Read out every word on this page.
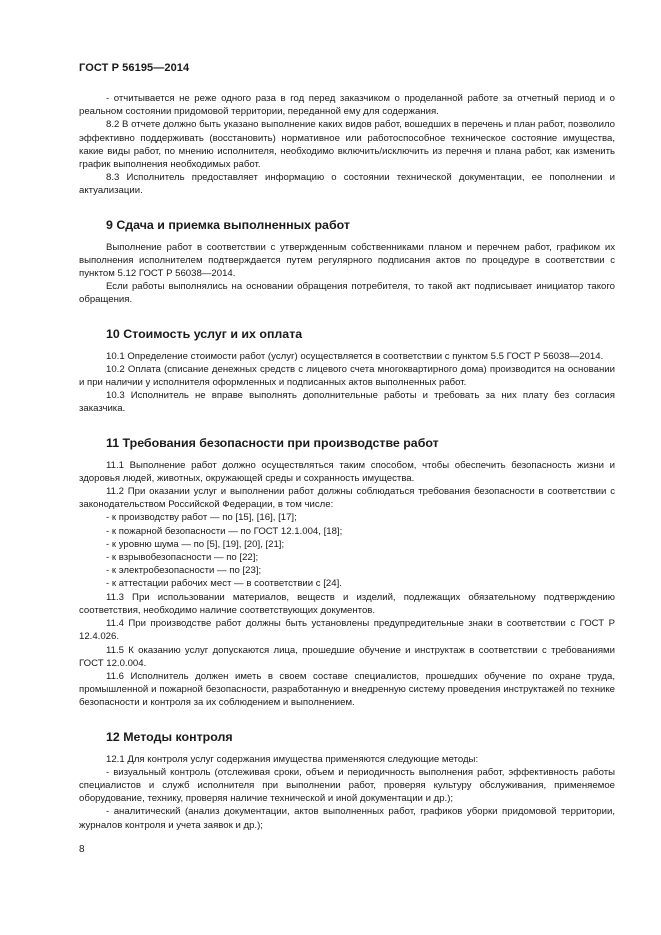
ГОСТ Р 56195—2014

- отчитывается не реже одного раза в год перед заказчиком о проделанной работе за отчетный период и о реальном состоянии придомовой территории, переданной ему для содержания.

8.2 В отчете должно быть указано выполнение каких видов работ, вошедших в перечень и план работ, позволило эффективно поддерживать (восстановить) нормативное или работоспособное техническое состояние имущества, какие виды работ, по мнению исполнителя, необходимо включить/исключить из перечня и плана работ, как изменить график выполнения необходимых работ.

8.3 Исполнитель предоставляет информацию о состоянии технической документации, ее пополнении и актуализации.

9 Сдача и приемка выполненных работ

Выполнение работ в соответствии с утвержденным собственниками планом и перечнем работ, графиком их выполнения исполнителем подтверждается путем регулярного подписания актов по процедуре в соответствии с пунктом 5.12 ГОСТ Р 56038—2014.

Если работы выполнялись на основании обращения потребителя, то такой акт подписывает инициатор такого обращения.

10 Стоимость услуг и их оплата

10.1 Определение стоимости работ (услуг) осуществляется в соответствии с пунктом 5.5 ГОСТ Р 56038—2014.

10.2 Оплата (списание денежных средств с лицевого счета многоквартирного дома) производится на основании и при наличии у исполнителя оформленных и подписанных актов выполненных работ.

10.3 Исполнитель не вправе выполнять дополнительные работы и требовать за них плату без согласия заказчика.

11 Требования безопасности при производстве работ

11.1 Выполнение работ должно осуществляться таким способом, чтобы обеспечить безопасность жизни и здоровья людей, животных, окружающей среды и сохранность имущества.

11.2 При оказании услуг и выполнении работ должны соблюдаться требования безопасности в соответствии с законодательством Российской Федерации, в том числе:

- к производству работ — по [15], [16], [17];

- к пожарной безопасности — по ГОСТ 12.1.004, [18];

- к уровню шума — по [5], [19], [20], [21];

- к взрывобезопасности — по [22];

- к электробезопасности — по [23];

- к аттестации рабочих мест — в соответствии с [24].

11.3 При использовании материалов, веществ и изделий, подлежащих обязательному подтверждению соответствия, необходимо наличие соответствующих документов.

11.4 При производстве работ должны быть установлены предупредительные знаки в соответствии с ГОСТ Р 12.4.026.

11.5 К оказанию услуг допускаются лица, прошедшие обучение и инструктаж в соответствии с требованиями ГОСТ 12.0.004.

11.6 Исполнитель должен иметь в своем составе специалистов, прошедших обучение по охране труда, промышленной и пожарной безопасности, разработанную и внедренную систему проведения инструктажей по технике безопасности и контроля за их соблюдением и выполнением.

12 Методы контроля

12.1 Для контроля услуг содержания имущества применяются следующие методы:

- визуальный контроль (отслеживая сроки, объем и периодичность выполнения работ, эффективность работы специалистов и служб исполнителя при выполнении работ, проверяя культуру обслуживания, применяемое оборудование, технику, проверяя наличие технической и иной документации и др.);

- аналитический (анализ документации, актов выполненных работ, графиков уборки придомовой территории, журналов контроля и учета заявок и др.);

8
